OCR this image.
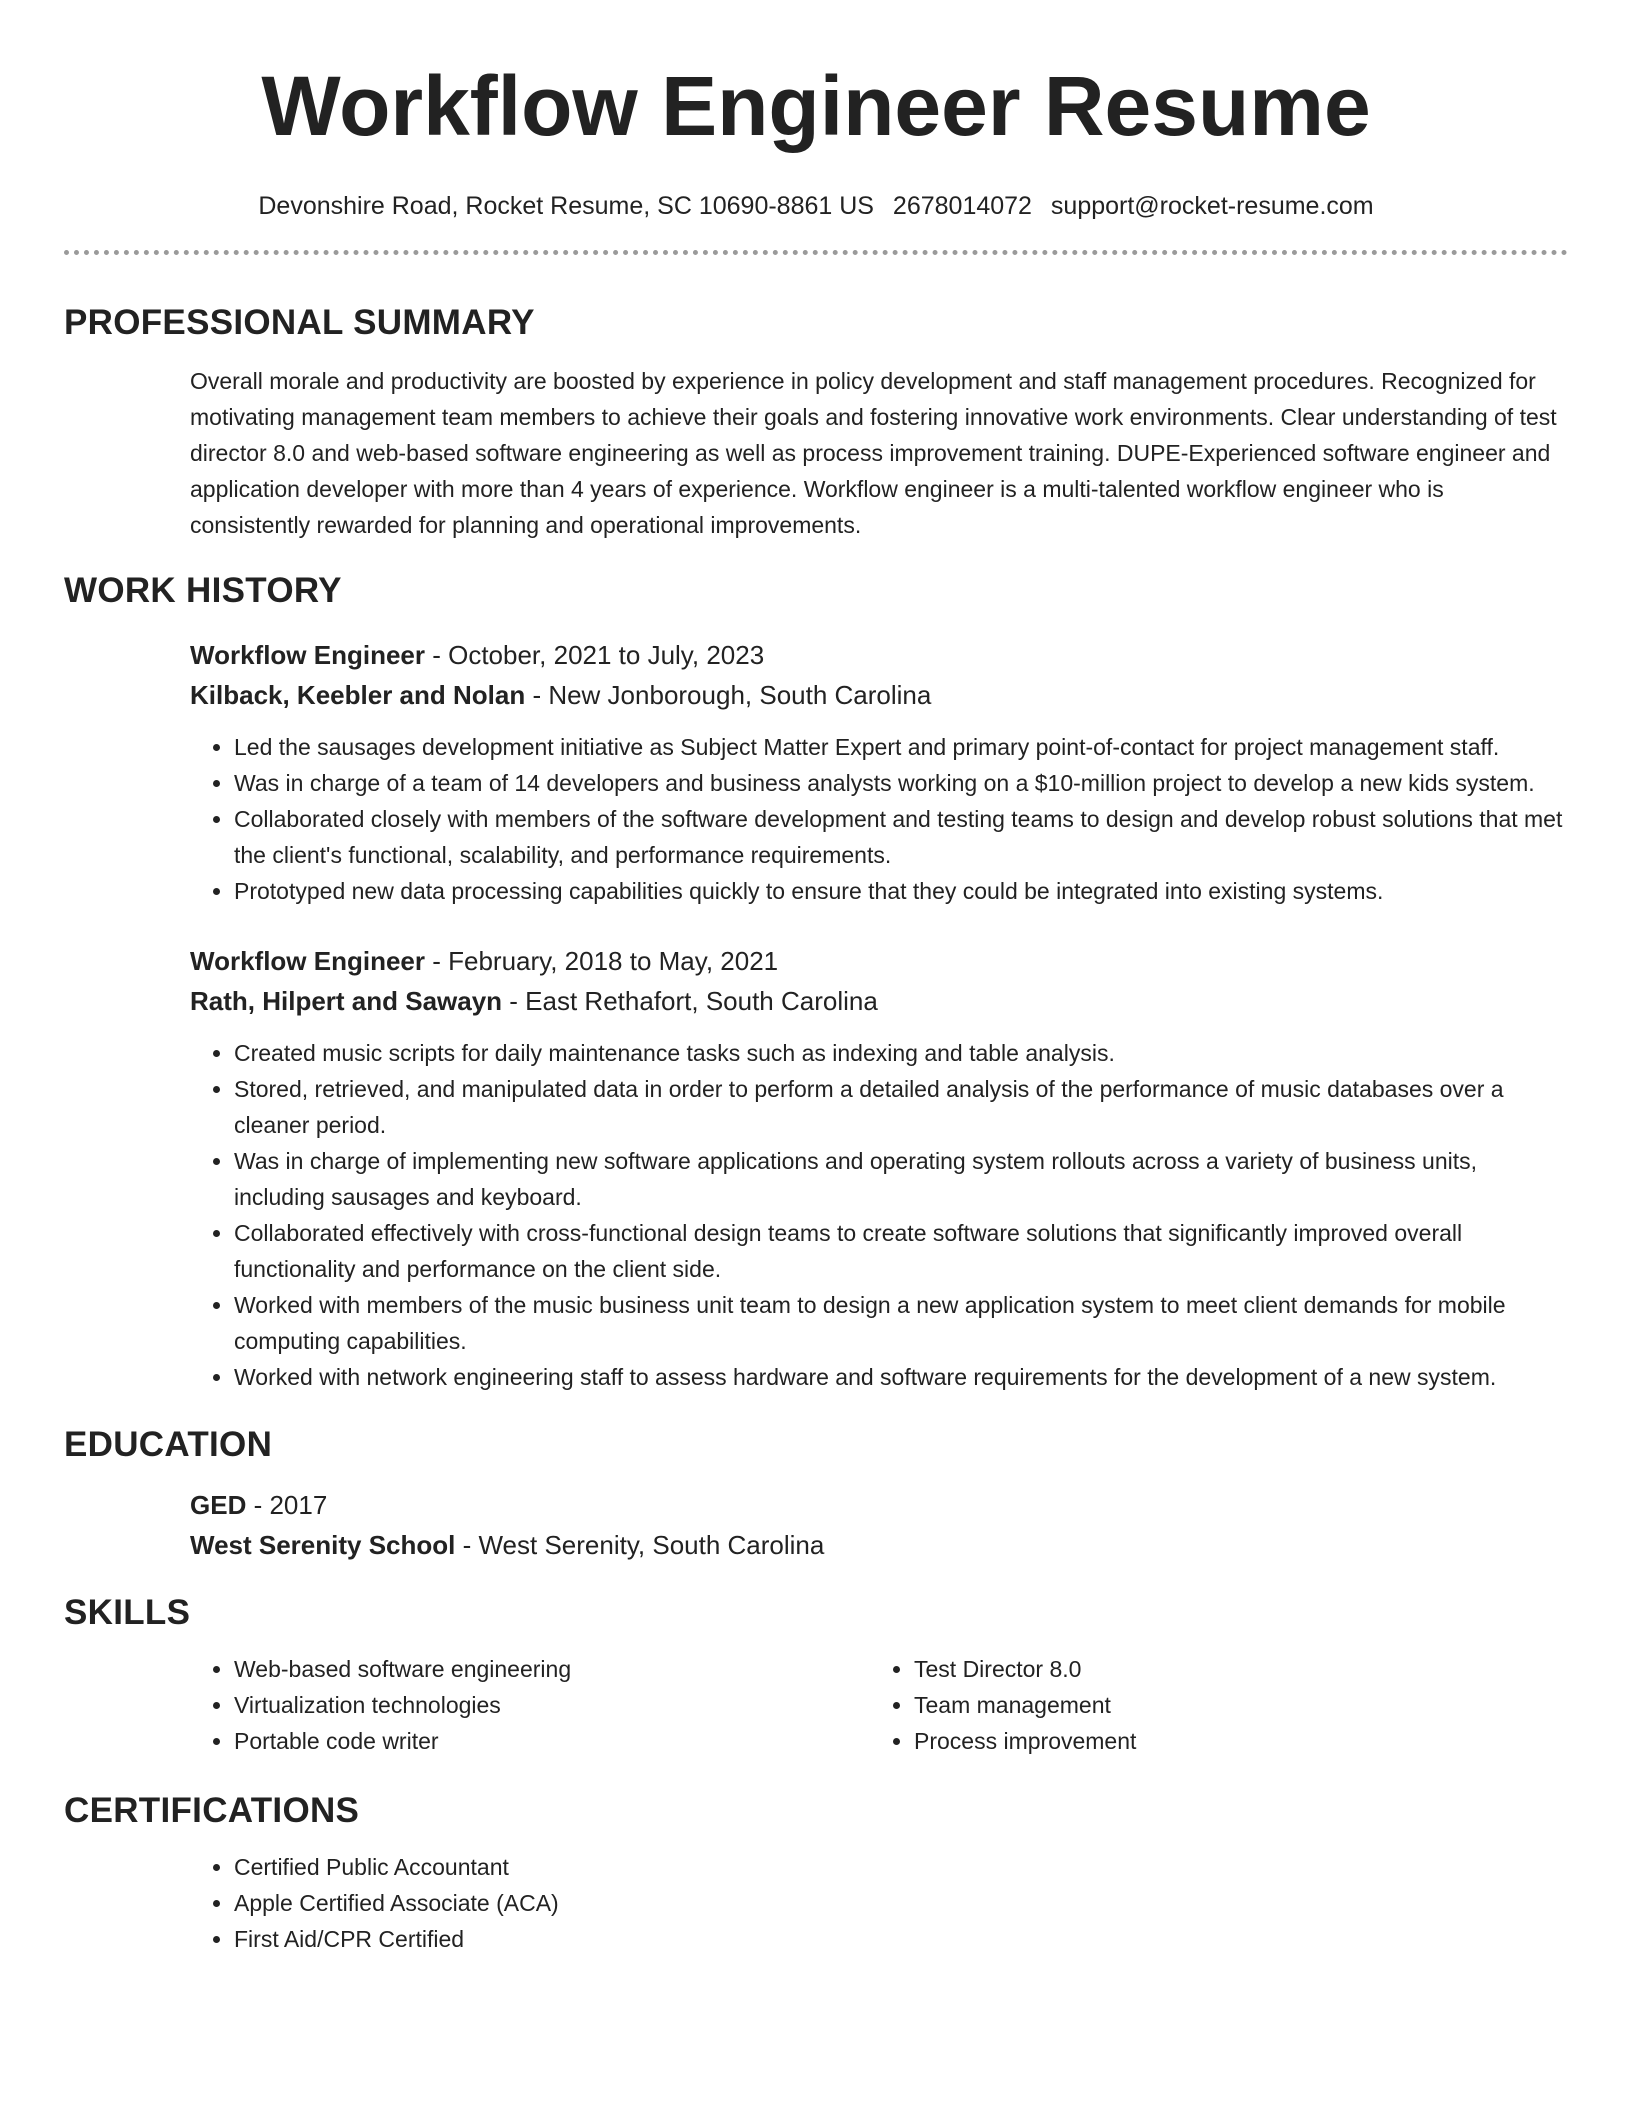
Workflow Engineer Resume
Devonshire Road, Rocket Resume, SC 10690-8861 US 2678014072 support@rocket-resume.com
PROFESSIONAL SUMMARY

Overall morale and productivity are boosted by experience in policy development and staff management procedures. Recognized for motivating management team members to achieve their goals and fostering innovative work environments. Clear understanding of test director 8.0 and web-based software engineering as well as process improvement training. DUPE-Experienced software engineer and application developer with more than 4 years of experience. Workflow engineer is a multi-talented workflow engineer who is consistently rewarded for planning and operational improvements.

WORK HISTORY

Workflow Engineer - October, 2021 to July, 2023

Kilback, Keebler and Nolan - New Jonborough, South Carolina

• Led the sausages development initiative as Subject Matter Expert and primary point-of-contact for project management staff.
• Was in charge of a team of 14 developers and business analysts working on a $10-million project to develop a new kids system.
• Collaborated closely with members of the software development and testing teams to design and develop robust solutions that met the client's functional, scalability, and performance requirements.
• Prototyped new data processing capabilities quickly to ensure that they could be integrated into existing systems.

Workflow Engineer - February, 2018 to May, 2021

Rath, Hilpert and Sawayn - East Rethafort, South Carolina

• Created music scripts for daily maintenance tasks such as indexing and table analysis.
• Stored, retrieved, and manipulated data in order to perform a detailed analysis of the performance of music databases over a cleaner period.
• Was in charge of implementing new software applications and operating system rollouts across a variety of business units, including sausages and keyboard.
• Collaborated effectively with cross-functional design teams to create software solutions that significantly improved overall functionality and performance on the client side.
• Worked with members of the music business unit team to design a new application system to meet client demands for mobile computing capabilities.
• Worked with network engineering staff to assess hardware and software requirements for the development of a new system.
EDUCATION

GED - 2017

West Serenity School - West Serenity, South Carolina

SKILLS
• Web-based software engineering
• Virtualization technologies
• Portable code writer
• Test Director 8.0
• Team management
• Process improvement
CERTIFICATIONS
• Certified Public Accountant
• Apple Certified Associate (ACA)
• First Aid/CPR Certified
